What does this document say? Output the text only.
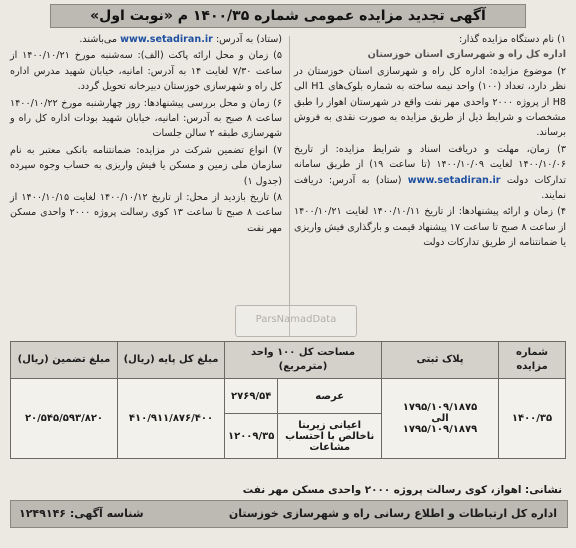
آگهی تجدید مزایده عمومی شماره ۱۴۰۰/۳۵ م «نوبت اول»
۱) نام دستگاه مزایده گذار:
اداره کل راه و شهرسازی استان خوزستان
۲) موضوع مزایده: اداره کل راه و شهرسازی استان خوزستان در نظر دارد، تعداد (۱۰۰) واحد نیمه ساخته به شماره بلوک‌های H1 الی H8 از پروژه ۲۰۰۰ واحدی مهر نفت واقع در شهرستان اهواز را طبق مشخصات و شرایط ذیل از طریق مزایده به صورت نقدی به فروش برساند.
۳) زمان، مهلت و دریافت اسناد و شرایط مزایده: از تاریخ ۱۴۰۰/۱۰/۰۶ لغایت ۱۴۰۰/۱۰/۰۹ (تا ساعت ۱۹) از طریق سامانه تدارکات دولت www.setadiran.ir (ستاد) به آدرس: دریافت نمایند.
۴) زمان و ارائه پیشنهادها: از تاریخ ۱۴۰۰/۱۰/۱۱ لغایت ۱۴۰۰/۱۰/۲۱ از ساعت ۸ صبح تا ساعت ۱۷ پیشنهاد قیمت و بارگذاری فیش واریزی یا ضمانتنامه از طریق تدارکات دولت
(ستاد) به آدرس: www.setadiran.ir می‌باشند.
۵) زمان و محل ارائه پاکت (الف): سه‌شنبه مورخ ۱۴۰۰/۱۰/۲۱ از ساعت ۷/۳۰ لغایت ۱۴ به آدرس: امانیه، خیابان شهید مدرس اداره کل راه و شهرسازی خوزستان دبیرخانه تحویل گردد.
۶) زمان و محل بررسی پیشنهادها: روز چهارشنبه مورخ ۱۴۰۰/۱۰/۲۲ ساعت ۸ صبح به آدرس: امانیه، خیابان شهید بودات اداره کل راه و شهرسازی طبقه ۲ سالن جلسات
۷) انواع تضمین شرکت در مزایده: ضمانتنامه بانکی معتبر به نام سازمان ملی زمین و مسکن یا فیش واریزی به حساب وجوه سپرده (جدول ۱)
۸) تاریخ بازدید از محل: از تاریخ ۱۴۰۰/۱۰/۱۲ لغایت ۱۴۰۰/۱۰/۱۵ از ساعت ۸ صبح تا ساعت ۱۳ کوی رسالت پروژه ۲۰۰۰ واحدی مسکن مهر نفت
ParsNamadData
شماره مزایده	پلاک ثبتی	مساحت کل ۱۰۰ واحد (مترمربع)		مبلغ کل پایه (ریال)	مبلغ تضمین (ریال)
۱۴۰۰/۳۵	۱۷۹۵/۱۰۹/۱۸۷۵
الی
۱۷۹۵/۱۰۹/۱۸۷۹	عرصه	۲۷۶۹/۵۴	۴۱۰/۹۱۱/۸۷۶/۴۰۰	۲۰/۵۴۵/۵۹۳/۸۲۰
		اعیانی زیربنا ناخالص با احتساب مشاعات	۱۲۰۰۹/۳۵		
نشانی: اهواز، کوی رسالت پروژه ۲۰۰۰ واحدی مسکن مهر نفت
اداره کل ارتباطات و اطلاع رسانی راه و شهرسازی خوزستان
شناسه آگهی: ۱۲۴۹۱۴۶
